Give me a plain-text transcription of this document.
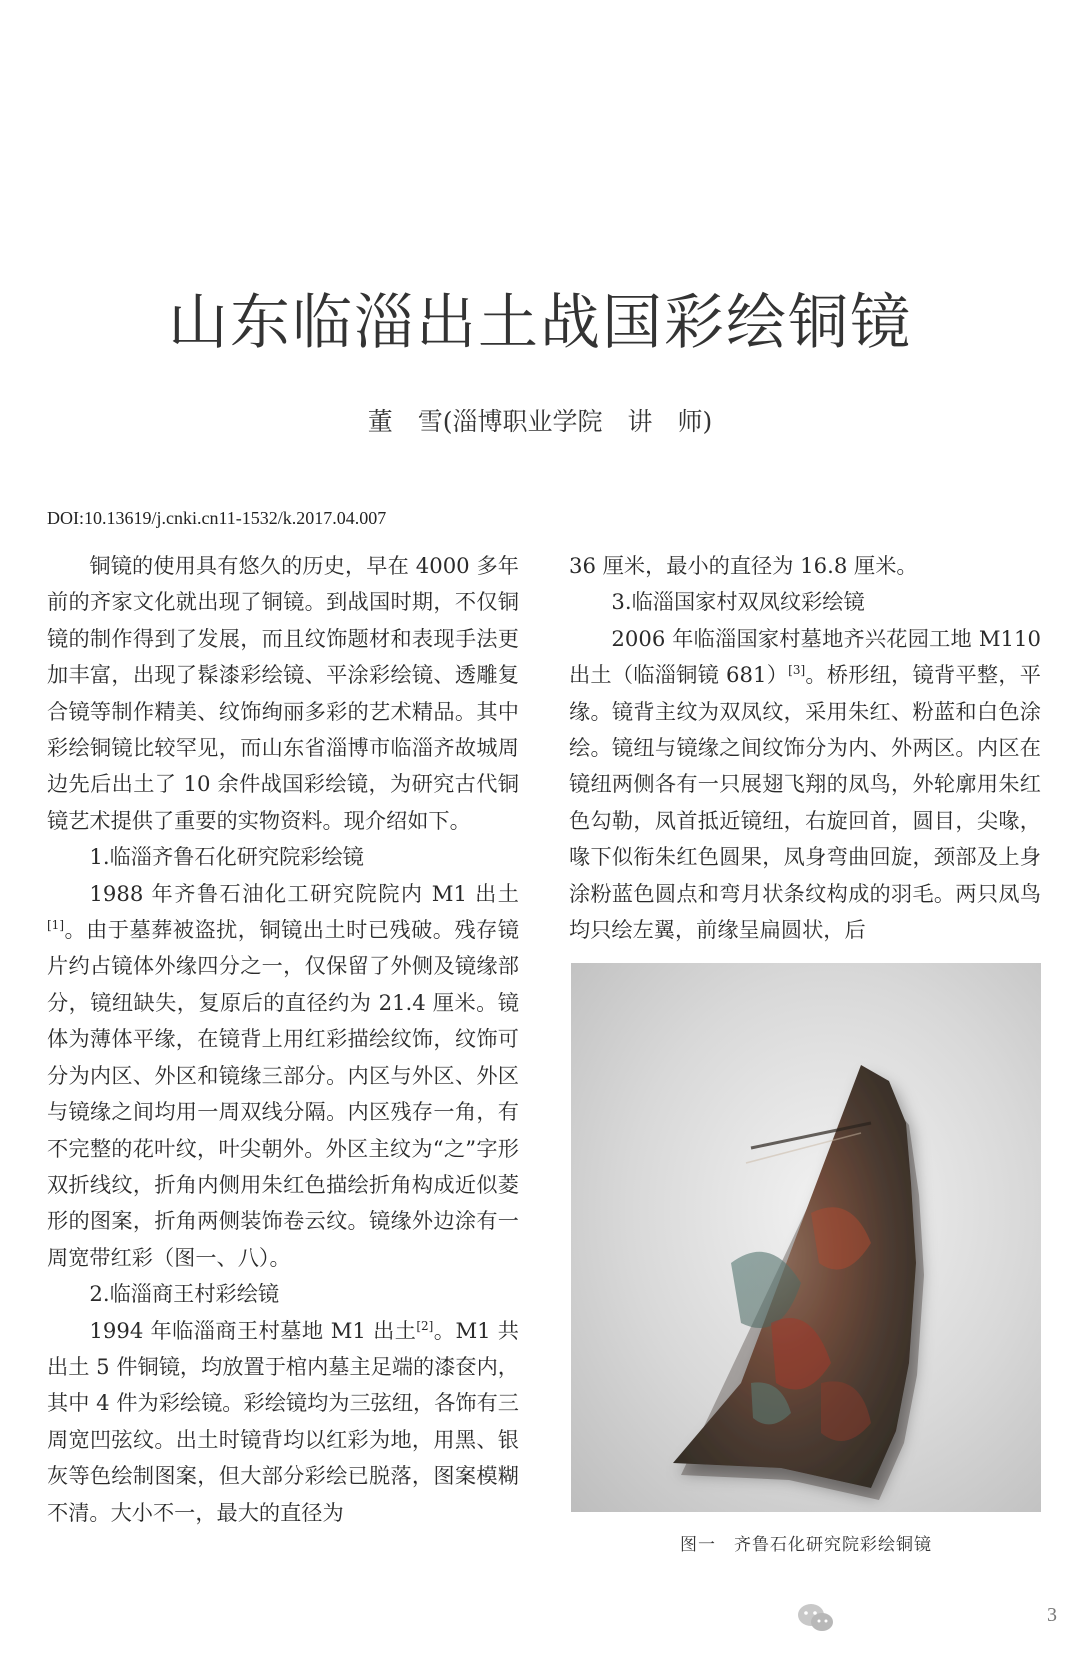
山东临淄出土战国彩绘铜镜
董　雪(淄博职业学院　讲　师)
DOI:10.13619/j.cnki.cn11-1532/k.2017.04.007

铜镜的使用具有悠久的历史，早在 4000 多年前的齐家文化就出现了铜镜。到战国时期，不仅铜镜的制作得到了发展，而且纹饰题材和表现手法更加丰富，出现了髹漆彩绘镜、平涂彩绘镜、透雕复合镜等制作精美、纹饰绚丽多彩的艺术精品。其中彩绘铜镜比较罕见，而山东省淄博市临淄齐故城周边先后出土了 10 余件战国彩绘镜，为研究古代铜镜艺术提供了重要的实物资料。现介绍如下。

1.临淄齐鲁石化研究院彩绘镜

1988 年齐鲁石油化工研究院院内 M1 出土[1]。由于墓葬被盗扰，铜镜出土时已残破。残存镜片约占镜体外缘四分之一，仅保留了外侧及镜缘部分，镜纽缺失，复原后的直径约为 21.4 厘米。镜体为薄体平缘，在镜背上用红彩描绘纹饰，纹饰可分为内区、外区和镜缘三部分。内区与外区、外区与镜缘之间均用一周双线分隔。内区残存一角，有不完整的花叶纹，叶尖朝外。外区主纹为“之”字形双折线纹，折角内侧用朱红色描绘折角构成近似菱形的图案，折角两侧装饰卷云纹。镜缘外边涂有一周宽带红彩（图一、八）。

2.临淄商王村彩绘镜

1994 年临淄商王村墓地 M1 出土[2]。M1 共出土 5 件铜镜，均放置于棺内墓主足端的漆奁内，其中 4 件为彩绘镜。彩绘镜均为三弦纽，各饰有三周宽凹弦纹。出土时镜背均以红彩为地，用黑、银灰等色绘制图案，但大部分彩绘已脱落，图案模糊不清。大小不一，最大的直径为

36 厘米，最小的直径为 16.8 厘米。

3.临淄国家村双凤纹彩绘镜

2006 年临淄国家村墓地齐兴花园工地 M110 出土（临淄铜镜 681）[3]。桥形纽，镜背平整，平缘。镜背主纹为双凤纹，采用朱红、粉蓝和白色涂绘。镜纽与镜缘之间纹饰分为内、外两区。内区在镜纽两侧各有一只展翅飞翔的凤鸟，外轮廓用朱红色勾勒，凤首抵近镜纽，右旋回首，圆目，尖喙，喙下似衔朱红色圆果，凤身弯曲回旋，颈部及上身涂粉蓝色圆点和弯月状条纹构成的羽毛。两只凤鸟均只绘左翼，前缘呈扁圆状，后

图一　齐鲁石化研究院彩绘铜镜
3
